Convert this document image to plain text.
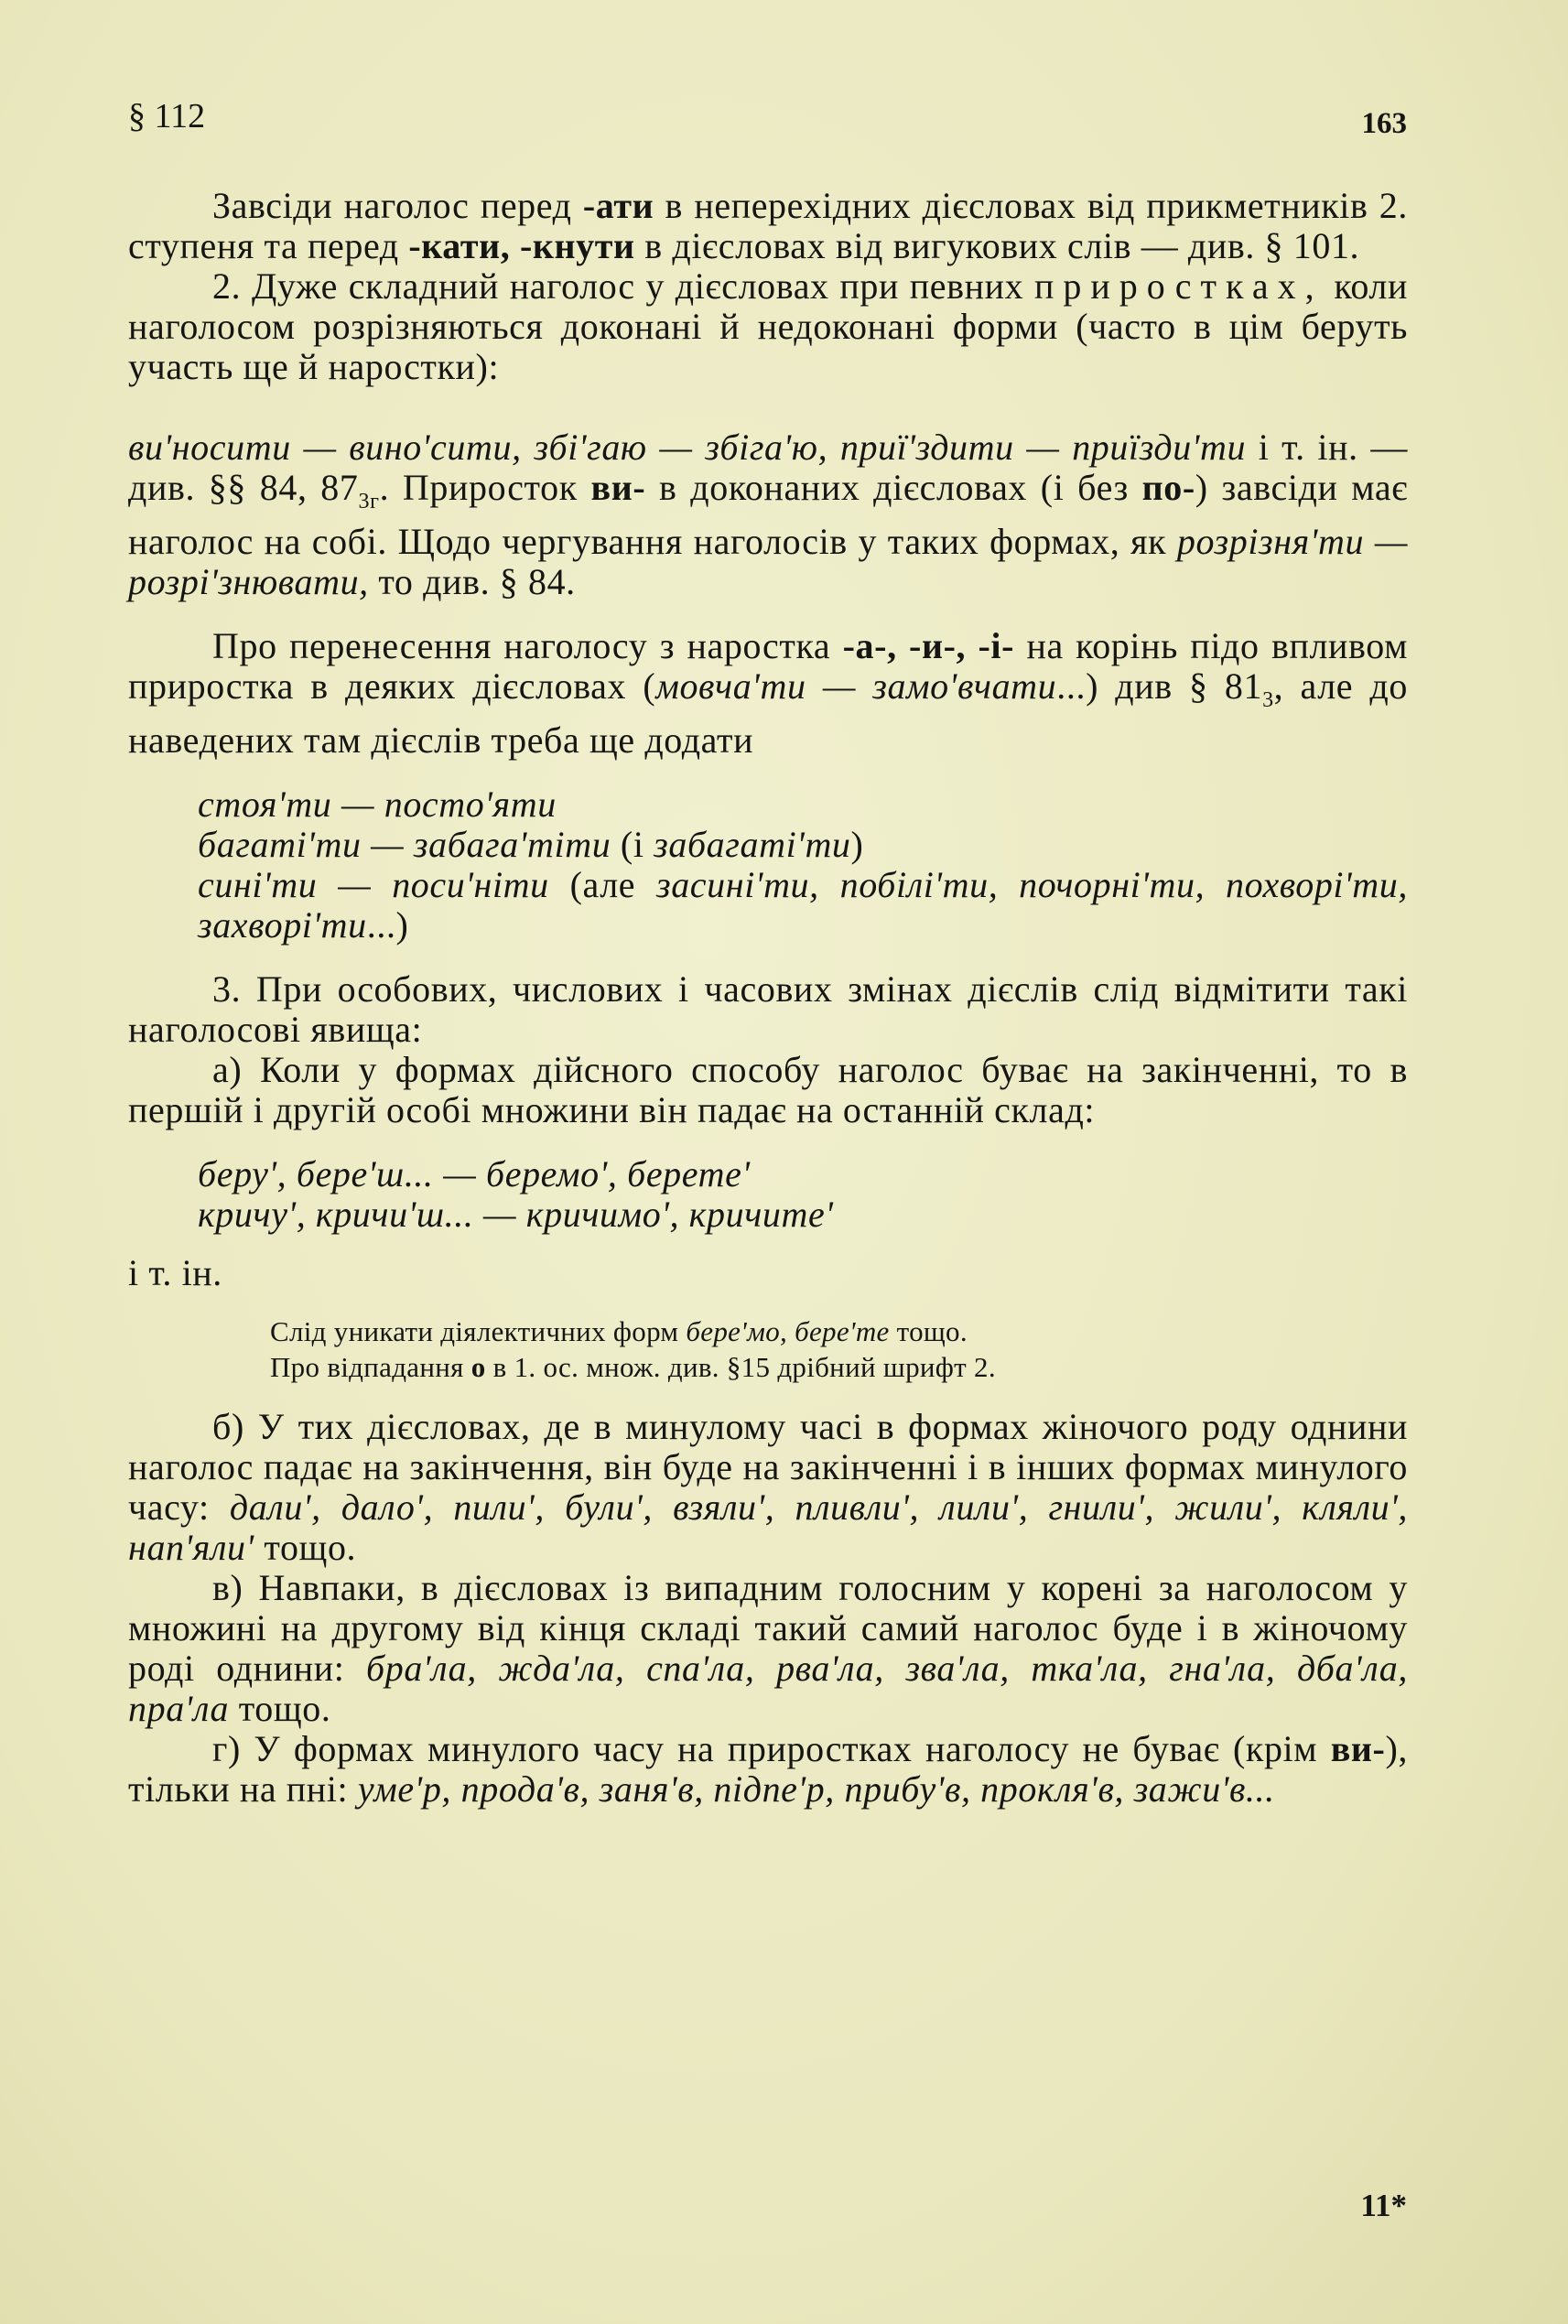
§ 112	163

Завсіди наголос перед -ати в неперехідних дієсловах від прикметників 2. ступеня та перед -кати, -кнути в дієсловах від вигукових слів — див. § 101.

2. Дуже складний наголос у дієсловах при певних приростках, коли наголосом розрізняються доконані й недоконані форми (часто в цім беруть участь ще й наростки):

ви'носити — вино'сити, збі'гаю — збіга'ю, приї'здити — приїзди'ти і т. ін. — див. §§ 84, $87_{3г}$. Приросток ви- в доконаних дієсловах (і без по-) завсіди має наголос на собі. Щодо чергування наголосів у таких формах, як розрізня'ти — розрі'знювати, то див. § 84.

Про перенесення наголосу з наростка -а-, -и-, -і- на корінь підо впливом приростка в деяких дієсловах (мовча'ти — замо'вчати...) див § $81_3$, але до наведених там дієслів треба ще додати

стоя'ти — посто'яти

багаті'ти — забага'тіти (і забагаті'ти)

сині'ти — поси'ніти (але засині'ти, побілі'ти, почорні'ти, похворі'ти, захворі'ти...)

3. При особових, числових і часових змінах дієслів слід відмітити такі наголосові явища:

а) Коли у формах дійсного способу наголос буває на закінченні, то в першій і другій особі множини він падає на останній склад:

беру', бере'ш... — беремо', берете'

кричу', кричи'ш... — кричимо', кричите'

і т. ін.

Слід уникати діялектичних форм бере'мо, бере'те тощо.
Про відпадання о в 1. ос. множ. див. §15 дрібний шрифт 2.

б) У тих дієсловах, де в минулому часі в формах жіночого роду однини наголос падає на закінчення, він буде на закінченні і в інших формах минулого часу: дали', дало', пили', були', взяли', пливли', лили', гнили', жили', кляли', нап'яли' тощо.

в) Навпаки, в дієсловах із випадним голосним у корені за наголосом у множині на другому від кінця складі такий самий наголос буде і в жіночому роді однини: бра'ла, жда'ла, спа'ла, рва'ла, зва'ла, тка'ла, гна'ла, дба'ла, пра'ла тощо.

г) У формах минулого часу на приростках наголосу не буває (крім ви-), тільки на пні: уме'р, прода'в, заня'в, підпе'р, прибу'в, прокля'в, зажи'в...

11*
